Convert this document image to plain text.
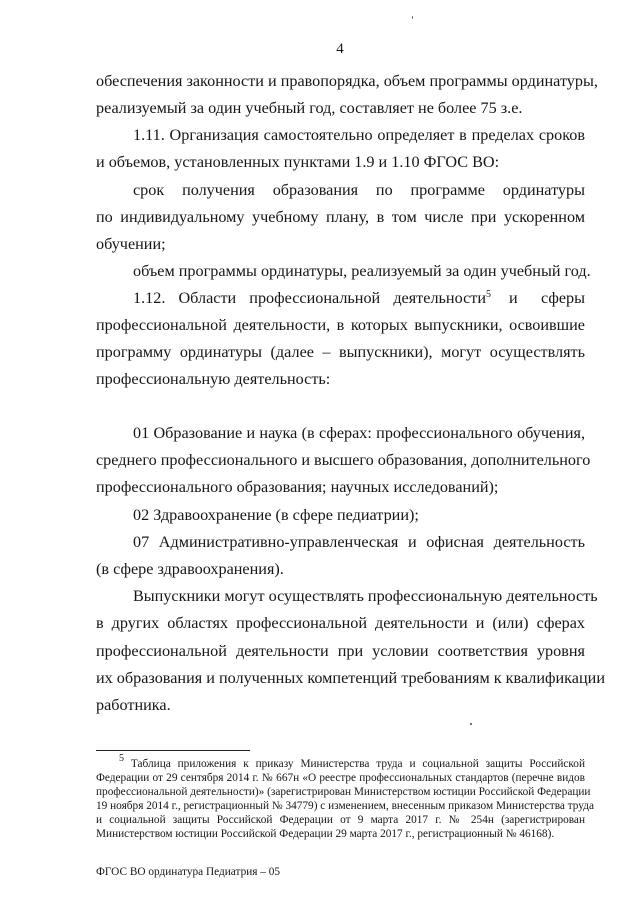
4
обеспечения законности и правопорядка, объем программы ординатуры,
реализуемый за один учебный год, составляет не более 75 з.е.
1.11. Организация самостоятельно определяет в пределах сроков
и объемов, установленных пунктами 1.9 и 1.10 ФГОС ВО:
срок получения образования по программе ординатуры
по индивидуальному учебному плану, в том числе при ускоренном
обучении;
объем программы ординатуры, реализуемый за один учебный год.
1.12. Области профессиональной деятельности$^5$ и сферы
профессиональной деятельности, в которых выпускники, освоившие
программу ординатуры (далее – выпускники), могут осуществлять
профессиональную деятельность:
01 Образование и наука (в сферах: профессионального обучения,
среднего профессионального и высшего образования, дополнительного
профессионального образования; научных исследований);
02 Здравоохранение (в сфере педиатрии);
07 Административно-управленческая и офисная деятельность
(в сфере здравоохранения).
Выпускники могут осуществлять профессиональную деятельность
в других областях профессиональной деятельности и (или) сферах
профессиональной деятельности при условии соответствия уровня
их образования и полученных компетенций требованиям к квалификации
работника.
$^5$ Таблица приложения к приказу Министерства труда и социальной защиты Российской
Федерации от 29 сентября 2014 г. № 667н «О реестре профессиональных стандартов (перечне видов
профессиональной деятельности)» (зарегистрирован Министерством юстиции Российской Федерации
19 ноября 2014 г., регистрационный № 34779) с изменением, внесенным приказом Министерства труда
и социальной защиты Российской Федерации от 9 марта 2017 г. № 254н (зарегистрирован
Министерством юстиции Российской Федерации 29 марта 2017 г., регистрационный № 46168).
ФГОС ВО ординатура Педиатрия – 05
